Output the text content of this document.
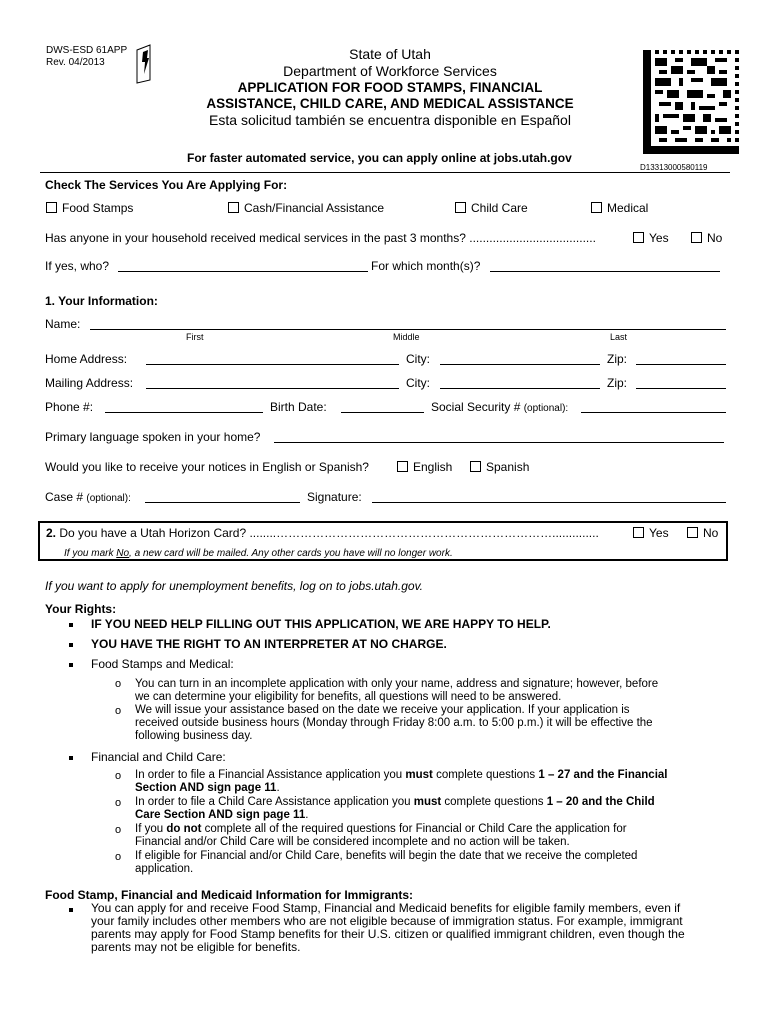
DWS-ESD 61APP
Rev. 04/2013
State of Utah
Department of Workforce Services
APPLICATION FOR FOOD STAMPS, FINANCIAL
ASSISTANCE, CHILD CARE, AND MEDICAL ASSISTANCE
Esta solicitud también se encuentra disponible en Español
For faster automated service, you can apply online at jobs.utah.gov
D13313000580119
Check The Services You Are Applying For:
Food Stamps	Cash/Financial Assistance	Child Care	Medical
Has anyone in your household received medical services in the past 3 months? ......................................	Yes	No
If yes, who?	For which month(s)?
1. Your Information:
Name:
First	Middle	Last
Home Address:	City:	Zip:
Mailing Address:	City:	Zip:
Phone #:	Birth Date:	Social Security # (optional):
Primary language spoken in your home?
Would you like to receive your notices in English or Spanish?	English	Spanish
Case # (optional):	Signature:
2. Do you have a Utah Horizon Card? ........……………………………………………………………..............	Yes	No
If you mark No, a new card will be mailed. Any other cards you have will no longer work.
If you want to apply for unemployment benefits, log on to jobs.utah.gov.
Your Rights:
IF YOU NEED HELP FILLING OUT THIS APPLICATION, WE ARE HAPPY TO HELP.
YOU HAVE THE RIGHT TO AN INTERPRETER AT NO CHARGE.
Food Stamps and Medical:
o You can turn in an incomplete application with only your name, address and signature; however, before
we can determine your eligibility for benefits, all questions will need to be answered.
o We will issue your assistance based on the date we receive your application. If your application is
received outside business hours (Monday through Friday 8:00 a.m. to 5:00 p.m.) it will be effective the
following business day.
Financial and Child Care:
o In order to file a Financial Assistance application you must complete questions 1 – 27 and the Financial
Section AND sign page 11.
o In order to file a Child Care Assistance application you must complete questions 1 – 20 and the Child
Care Section AND sign page 11.
o If you do not complete all of the required questions for Financial or Child Care the application for
Financial and/or Child Care will be considered incomplete and no action will be taken.
o If eligible for Financial and/or Child Care, benefits will begin the date that we receive the completed
application.
Food Stamp, Financial and Medicaid Information for Immigrants:
You can apply for and receive Food Stamp, Financial and Medicaid benefits for eligible family members, even if
your family includes other members who are not eligible because of immigration status. For example, immigrant
parents may apply for Food Stamp benefits for their U.S. citizen or qualified immigrant children, even though the
parents may not be eligible for benefits.
